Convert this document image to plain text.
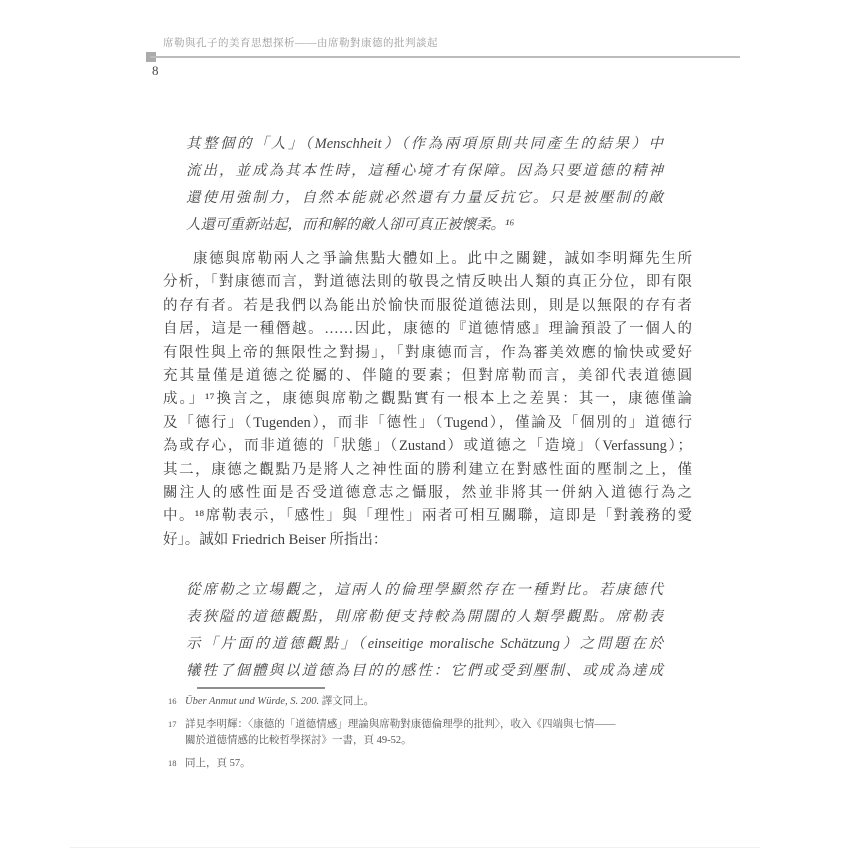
席勒與孔子的美育思想探析——由席勒對康德的批判談起
8
其整個的「人」（Menschheit）（作為兩項原則共同產生的結果）中
流出，並成為其本性時，這種心境才有保障。因為只要道德的精神
還使用強制力，自然本能就必然還有力量反抗它。只是被壓制的敵
人還可重新站起，而和解的敵人卻可真正被懷柔。¹⁶
康德與席勒兩人之爭論焦點大體如上。此中之關鍵，誠如李明輝先生所
分析，「對康德而言，對道德法則的敬畏之情反映出人類的真正分位，即有限
的存有者。若是我們以為能出於愉快而服從道德法則，則是以無限的存有者
自居，這是一種僭越。……因此，康德的『道德情感』理論預設了一個人的
有限性與上帝的無限性之對揚」，「對康德而言，作為審美效應的愉快或愛好
充其量僅是道德之從屬的、伴隨的要素；但對席勒而言，美卻代表道德圓
成。」¹⁷換言之，康德與席勒之觀點實有一根本上之差異：其一，康德僅論
及「德行」（Tugenden），而非「德性」（Tugend），僅論及「個別的」道德行
為或存心，而非道德的「狀態」（Zustand）或道德之「造境」（Verfassung）；
其二，康德之觀點乃是將人之神性面的勝利建立在對感性面的壓制之上，僅
關注人的感性面是否受道德意志之懾服，然並非將其一併納入道德行為之
中。¹⁸席勒表示，「感性」與「理性」兩者可相互關聯，這即是「對義務的愛
好」。誠如 Friedrich Beiser 所指出：
從席勒之立場觀之，這兩人的倫理學顯然存在一種對比。若康德代
表狹隘的道德觀點，則席勒便支持較為開闊的人類學觀點。席勒表
示「片面的道德觀點」（einseitige moralische Schätzung）之問題在於
犧牲了個體與以道德為目的的感性：它們或受到壓制、或成為達成
16 Über Anmut und Würde, S. 200. 譯文同上。
17 詳見李明輝：〈康德的「道德情感」理論與席勒對康德倫理學的批判〉，收入《四端與七情——
關於道德情感的比較哲學探討》一書，頁 49-52。
18 同上，頁 57。
